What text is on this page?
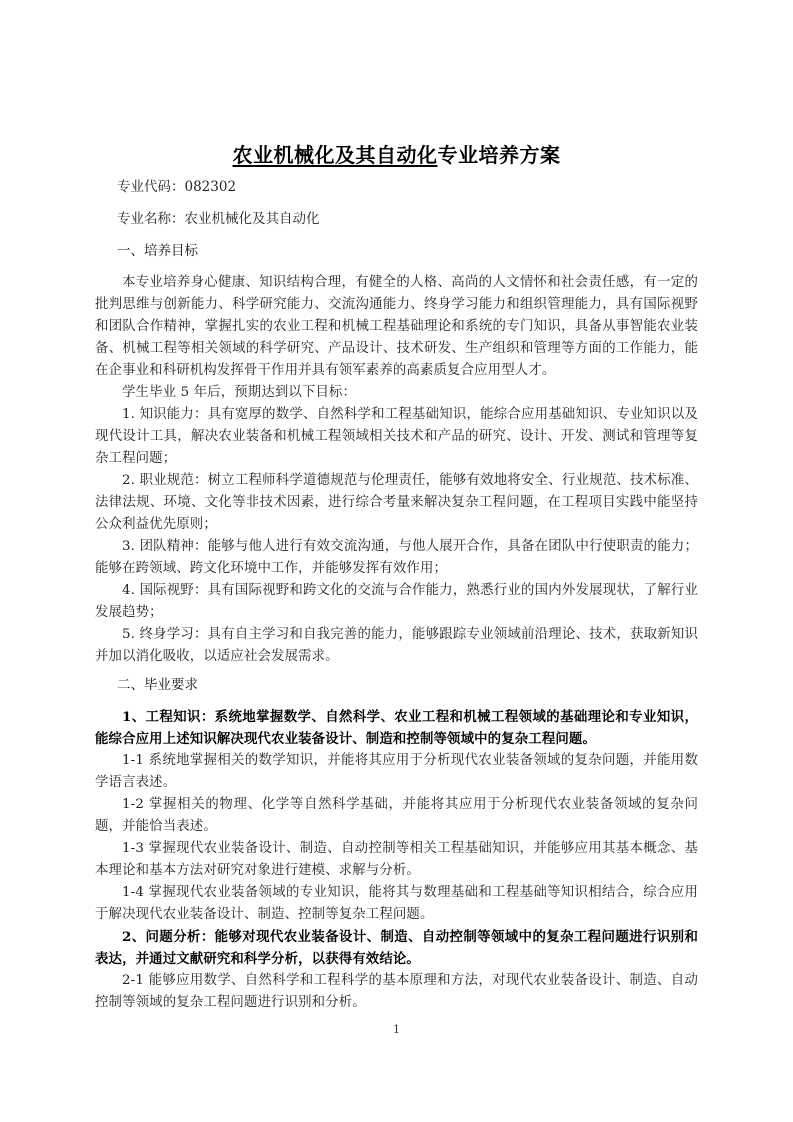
农业机械化及其自动化专业培养方案
专业代码：082302
专业名称：农业机械化及其自动化
一、培养目标

本专业培养身心健康、知识结构合理，有健全的人格、高尚的人文情怀和社会责任感，有一定的批判思维与创新能力、科学研究能力、交流沟通能力、终身学习能力和组织管理能力，具有国际视野和团队合作精神，掌握扎实的农业工程和机械工程基础理论和系统的专门知识，具备从事智能农业装备、机械工程等相关领域的科学研究、产品设计、技术研发、生产组织和管理等方面的工作能力，能在企事业和科研机构发挥骨干作用并具有领军素养的高素质复合应用型人才。

学生毕业 5 年后，预期达到以下目标：

1. 知识能力：具有宽厚的数学、自然科学和工程基础知识，能综合应用基础知识、专业知识以及现代设计工具，解决农业装备和机械工程领域相关技术和产品的研究、设计、开发、测试和管理等复杂工程问题；

2. 职业规范：树立工程师科学道德规范与伦理责任，能够有效地将安全、行业规范、技术标准、法律法规、环境、文化等非技术因素，进行综合考量来解决复杂工程问题，在工程项目实践中能坚持公众利益优先原则；

3. 团队精神：能够与他人进行有效交流沟通，与他人展开合作，具备在团队中行使职责的能力；能够在跨领域、跨文化环境中工作，并能够发挥有效作用；

4. 国际视野：具有国际视野和跨文化的交流与合作能力，熟悉行业的国内外发展现状，了解行业发展趋势；

5. 终身学习：具有自主学习和自我完善的能力，能够跟踪专业领域前沿理论、技术，获取新知识并加以消化吸收，以适应社会发展需求。

二、毕业要求

1、工程知识：系统地掌握数学、自然科学、农业工程和机械工程领域的基础理论和专业知识，能综合应用上述知识解决现代农业装备设计、制造和控制等领域中的复杂工程问题。

1-1 系统地掌握相关的数学知识，并能将其应用于分析现代农业装备领域的复杂问题，并能用数学语言表述。

1-2 掌握相关的物理、化学等自然科学基础，并能将其应用于分析现代农业装备领域的复杂问题，并能恰当表述。

1-3 掌握现代农业装备设计、制造、自动控制等相关工程基础知识，并能够应用其基本概念、基本理论和基本方法对研究对象进行建模、求解与分析。

1-4 掌握现代农业装备领域的专业知识，能将其与数理基础和工程基础等知识相结合，综合应用于解决现代农业装备设计、制造、控制等复杂工程问题。

2、问题分析：能够对现代农业装备设计、制造、自动控制等领域中的复杂工程问题进行识别和表达，并通过文献研究和科学分析，以获得有效结论。

2-1 能够应用数学、自然科学和工程科学的基本原理和方法，对现代农业装备设计、制造、自动控制等领域的复杂工程问题进行识别和分析。

1
